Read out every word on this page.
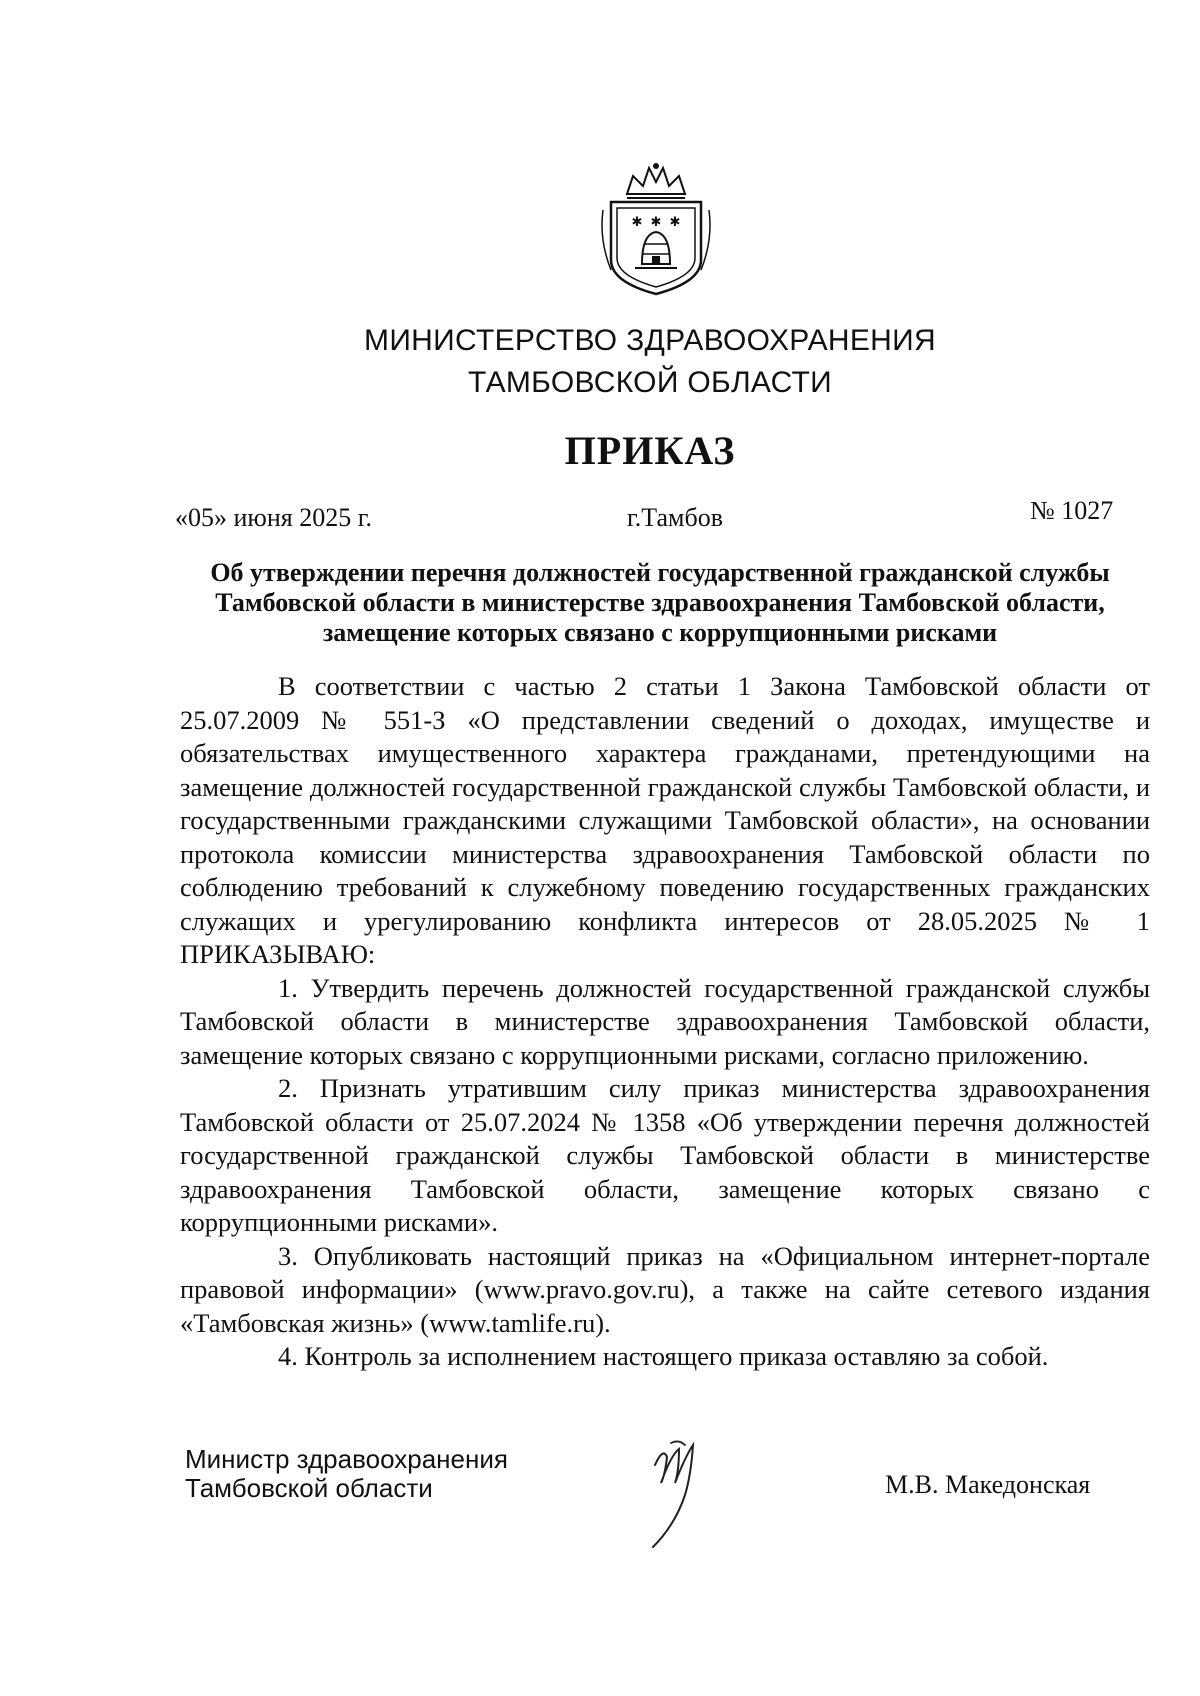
✱ ✱ ✱
МИНИСТЕРСТВО ЗДРАВООХРАНЕНИЯ
ТАМБОВСКОЙ ОБЛАСТИ
ПРИКАЗ
«05» июня 2025 г.	г.Тамбов	№ 1027
Об утверждении перечня должностей государственной гражданской службы Тамбовской области в министерстве здравоохранения Тамбовской области, замещение которых связано с коррупционными рисками

В соответствии с частью 2 статьи 1 Закона Тамбовской области от 25.07.2009 № 551-З «О представлении сведений о доходах, имуществе и обязательствах имущественного характера гражданами, претендующими на замещение должностей государственной гражданской службы Тамбовской области, и государственными гражданскими служащими Тамбовской области», на основании протокола комиссии министерства здравоохранения Тамбовской области по соблюдению требований к служебному поведению государственных гражданских служащих и урегулированию конфликта интересов от 28.05.2025 № 1 ПРИКАЗЫВАЮ:

1. Утвердить перечень должностей государственной гражданской службы Тамбовской области в министерстве здравоохранения Тамбовской области, замещение которых связано с коррупционными рисками, согласно приложению.

2. Признать утратившим силу приказ министерства здравоохранения Тамбовской области от 25.07.2024 № 1358 «Об утверждении перечня должностей государственной гражданской службы Тамбовской области в министерстве здравоохранения Тамбовской области, замещение которых связано с коррупционными рисками».

3. Опубликовать настоящий приказ на «Официальном интернет-портале правовой информации» (www.pravo.gov.ru), а также на сайте сетевого издания «Тамбовская жизнь» (www.tamlife.ru).

4. Контроль за исполнением настоящего приказа оставляю за собой.

Министр здравоохранения
Тамбовской области	М.В. Македонская
